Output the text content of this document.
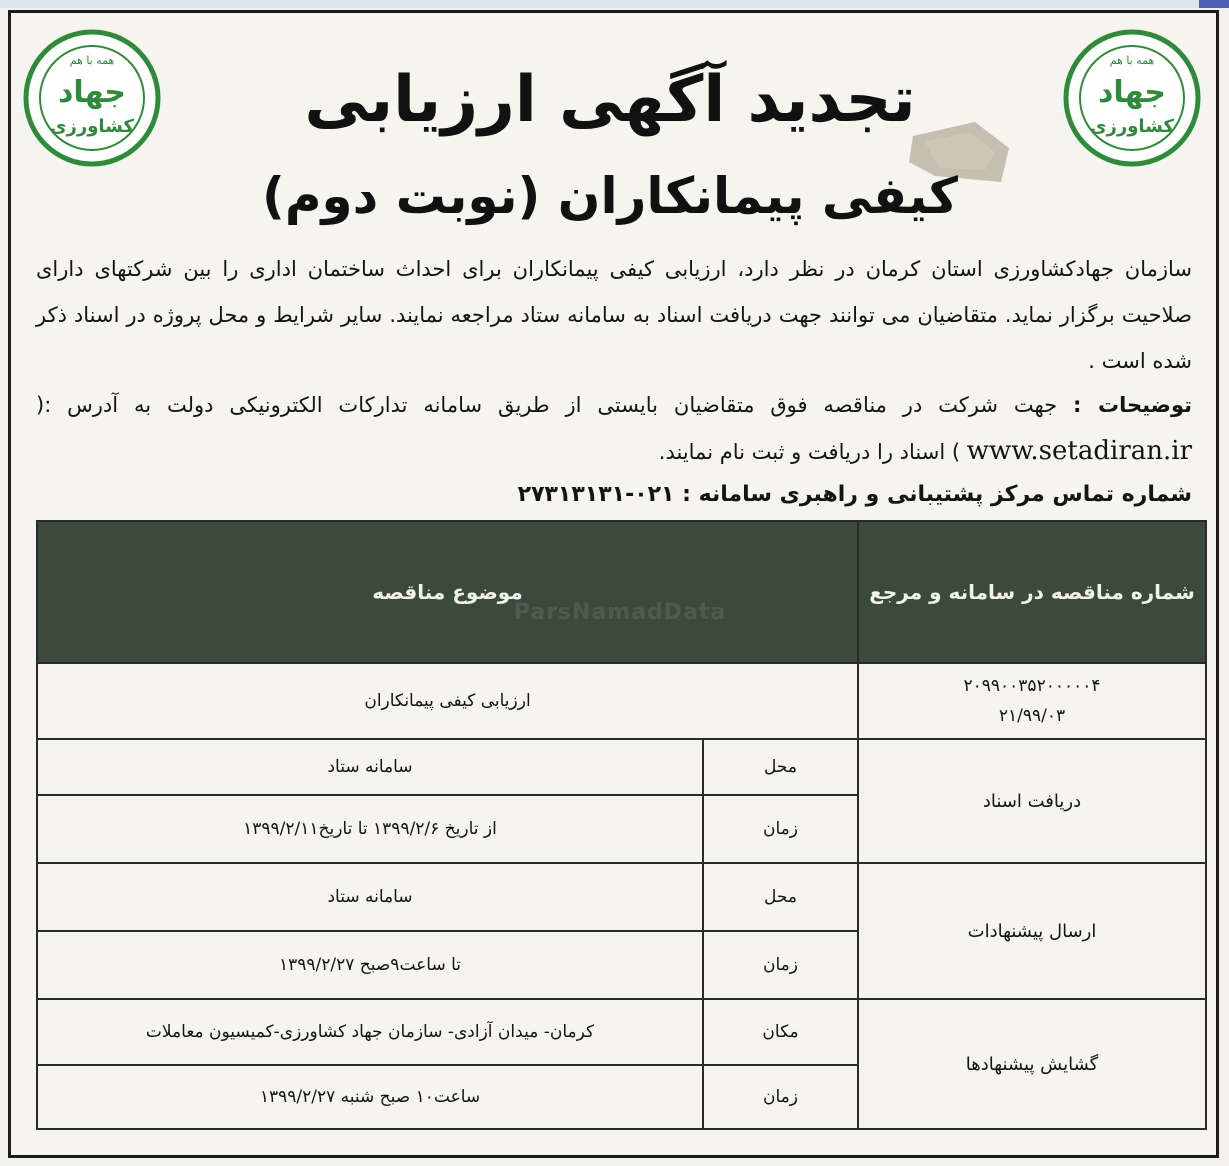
همه با هم
جهاد
کشاورزی
همه با هم
جهاد
کشاورزی
تجدید آگهی ارزیابی
کیفی پیمانکاران (نوبت دوم)
سازمان جهادکشاورزی استان کرمان در نظر دارد، ارزیابی کیفی پیمانکاران برای احداث ساختمان اداری را بین شرکتهای دارای صلاحیت برگزار نماید. متقاضیان می توانند جهت دریافت اسناد به سامانه ستاد مراجعه نمایند. سایر شرایط و محل پروژه در اسناد ذکر شده است .
توضیحات : جهت شرکت در مناقصه فوق متقاضیان بایستی از طریق سامانه تدارکات الکترونیکی دولت به آدرس :( www.setadiran.ir ) اسناد را دریافت و ثبت نام نمایند.
شماره تماس مرکز پشتیبانی و راهبری سامانه : ۰۲۱-۲۷۳۱۳۱۳۱
شماره مناقصه در سامانه و مرجع	موضوع مناقصه	

۲۰۹۹۰۰۳۵۲۰۰۰۰۰۴
۲۱/۹۹/۰۳	ارزیابی کیفی پیمانکاران	
دریافت اسناد	محل	سامانه ستاد
	زمان	از تاریخ ۱۳۹۹/۲/۶ تا تاریخ۱۳۹۹/۲/۱۱
ارسال پیشنهادات	محل	سامانه ستاد
	زمان	تا ساعت۹صبح ۱۳۹۹/۲/۲۷
گشایش پیشنهادها	مکان	کرمان- میدان آزادی- سازمان جهاد کشاورزی-کمیسیون معاملات
	زمان	ساعت۱۰ صبح شنبه ۱۳۹۹/۲/۲۷
ParsNamadData
